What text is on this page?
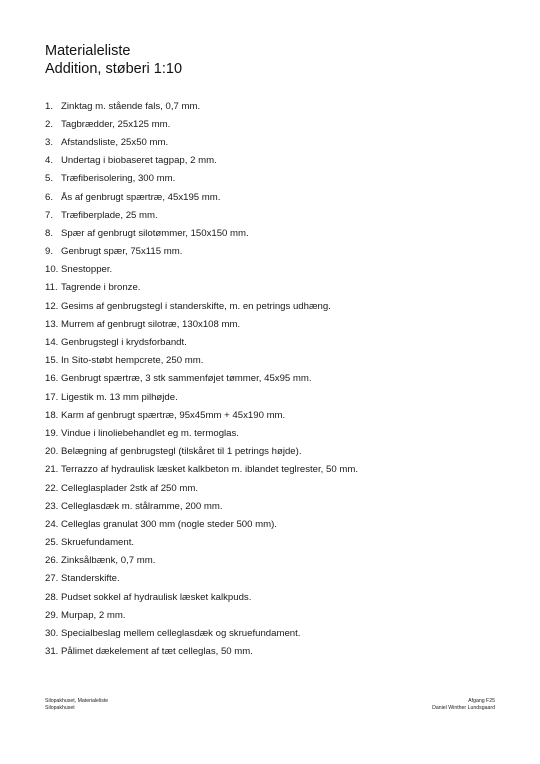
Materialeliste
Addition, støberi 1:10
1. Zinktag m. stående fals, 0,7 mm.
2. Tagbrædder, 25x125 mm.
3. Afstandsliste, 25x50 mm.
4. Undertag i biobaseret tagpap, 2 mm.
5. Træfiberisolering, 300 mm.
6. Ås af genbrugt spærtræ, 45x195 mm.
7. Træfiberplade, 25 mm.
8. Spær af genbrugt silotømmer, 150x150 mm.
9. Genbrugt spær, 75x115 mm.
10. Snestopper.
11. Tagrende i bronze.
12. Gesims af genbrugstegl i standerskifte, m. en petrings udhæng.
13. Murrem af genbrugt silotræ, 130x108 mm.
14. Genbrugstegl i krydsforbandt.
15. In Sito-støbt hempcrete, 250 mm.
16. Genbrugt spærtræ, 3 stk sammenføjet tømmer, 45x95 mm.
17. Ligestik m. 13 mm pilhøjde.
18. Karm af genbrugt spærtræ, 95x45mm + 45x190 mm.
19. Vindue i linoliebehandlet eg m. termoglas.
20. Belægning af genbrugstegl (tilskåret til 1 petrings højde).
21. Terrazzo af hydraulisk læsket kalkbeton m. iblandet teglrester, 50 mm.
22. Celleglasplader 2stk af 250 mm.
23. Celleglasdæk m. stålramme, 200 mm.
24. Celleglas granulat 300 mm (nogle steder 500 mm).
25. Skruefundament.
26. Zinksålbænk, 0,7 mm.
27. Standerskifte.
28. Pudset sokkel af hydraulisk læsket kalkpuds.
29. Murpap, 2 mm.
30. Specialbeslag mellem celleglasdæk og skruefundament.
31. Pålimet dækelement af tæt celleglas, 50 mm.
Silopakhuset, Materialeliste
Silopakhuset
Afgang F25
Daniel Winther Lundsgaard
